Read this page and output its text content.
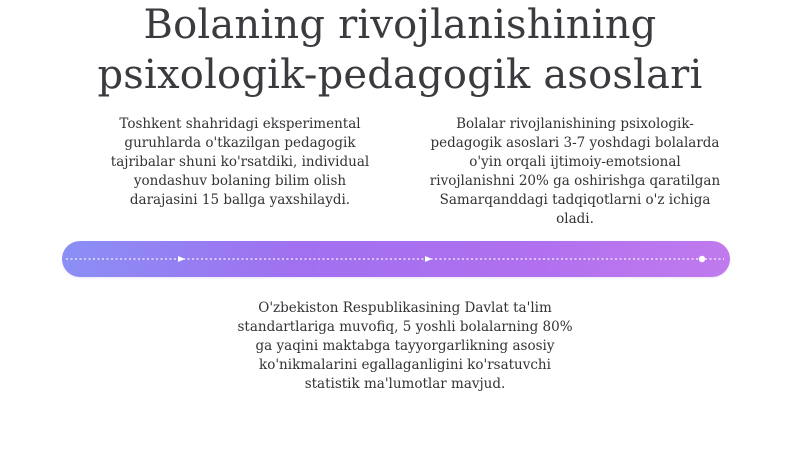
Bolaning rivojlanishining
psixologik-pedagogik asoslari
Toshkent shahridagi eksperimental
guruhlarda o'tkazilgan pedagogik
tajribalar shuni ko'rsatdiki, individual
yondashuv bolaning bilim olish
darajasini 15 ballga yaxshilaydi.
Bolalar rivojlanishining psixologik-
pedagogik asoslari 3-7 yoshdagi bolalarda
o'yin orqali ijtimoiy-emotsional
rivojlanishni 20% ga oshirishga qaratilgan
Samarqanddagi tadqiqotlarni o'z ichiga
oladi.
O'zbekiston Respublikasining Davlat ta'lim
standartlariga muvofiq, 5 yoshli bolalarning 80%
ga yaqini maktabga tayyorgarlikning asosiy
ko'nikmalarini egallaganligini ko'rsatuvchi
statistik ma'lumotlar mavjud.
